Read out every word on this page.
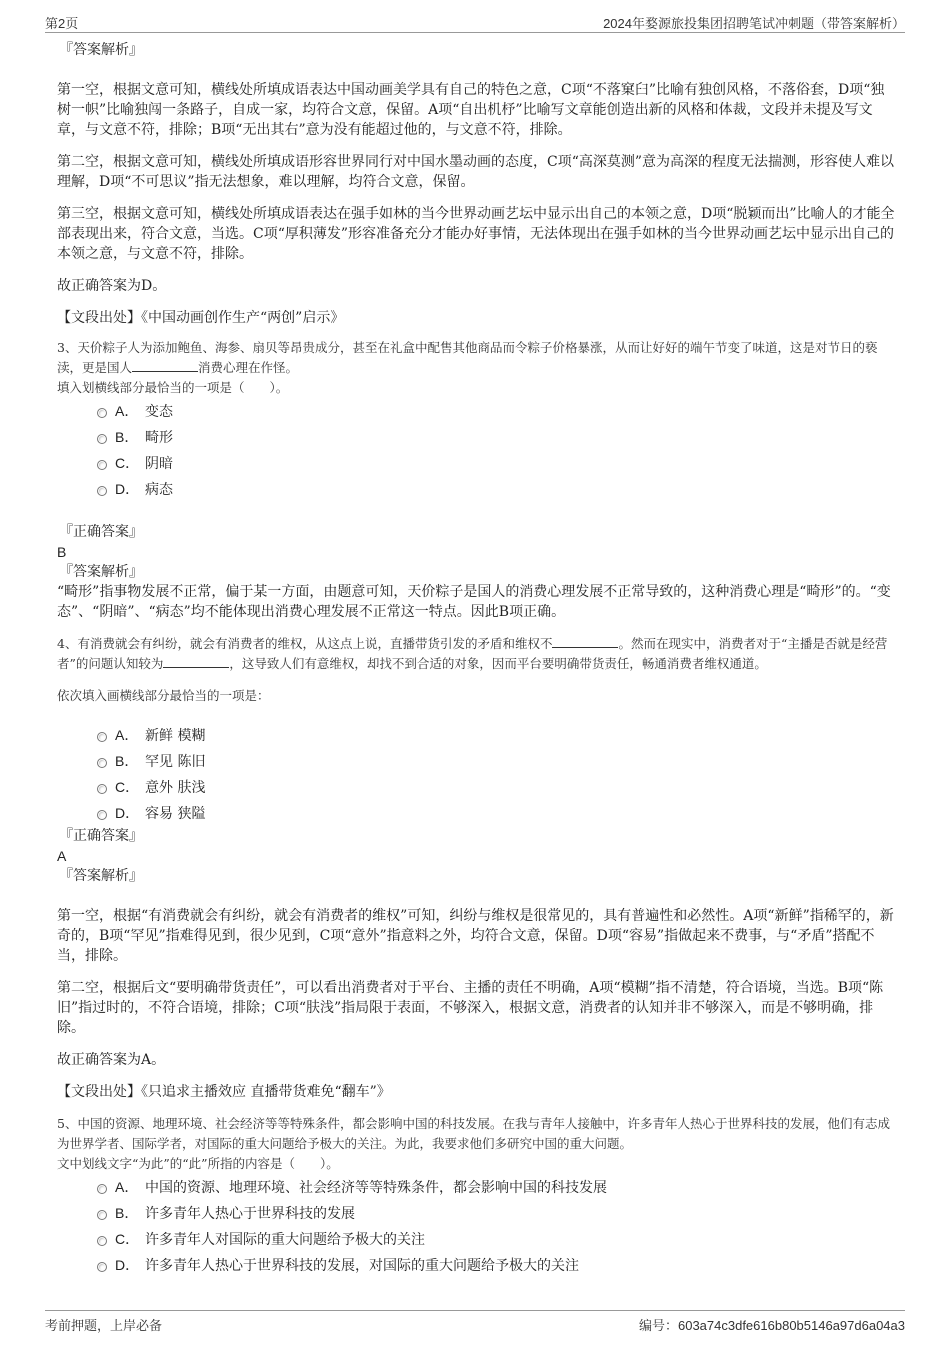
第2页	2024年婺源旅投集团招聘笔试冲刺题（带答案解析）

『答案解析』

第一空，根据文意可知，横线处所填成语表达中国动画美学具有自己的特色之意，C项“不落窠臼”比喻有独创风格，不落俗套，D项“独树一帜”比喻独闯一条路子，自成一家，均符合文意，保留。A项“自出机杼”比喻写文章能创造出新的风格和体裁，文段并未提及写文章，与文意不符，排除；B项“无出其右”意为没有能超过他的，与文意不符，排除。

第二空，根据文意可知，横线处所填成语形容世界同行对中国水墨动画的态度，C项“高深莫测”意为高深的程度无法揣测，形容使人难以理解，D项“不可思议”指无法想象，难以理解，均符合文意，保留。

第三空，根据文意可知，横线处所填成语表达在强手如林的当今世界动画艺坛中显示出自己的本领之意，D项“脱颖而出”比喻人的才能全部表现出来，符合文意，当选。C项“厚积薄发”形容准备充分才能办好事情，无法体现出在强手如林的当今世界动画艺坛中显示出自己的本领之意，与文意不符，排除。

故正确答案为D。

【文段出处】《中国动画创作生产“两创”启示》

3、天价粽子人为添加鲍鱼、海参、扇贝等昂贵成分，甚至在礼盒中配售其他商品而令粽子价格暴涨，从而让好好的端午节变了味道，这是对节日的亵渎，更是国人	消费心理在作怪。

填入划横线部分最恰当的一项是（　　）。

A． 变态
B． 畸形
C． 阴暗
D． 病态

『正确答案』

B

『答案解析』

“畸形”指事物发展不正常，偏于某一方面，由题意可知，天价粽子是国人的消费心理发展不正常导致的，这种消费心理是“畸形”的。“变态”、“阴暗”、“病态”均不能体现出消费心理发展不正常这一特点。因此B项正确。

4、有消费就会有纠纷，就会有消费者的维权，从这点上说，直播带货引发的矛盾和维权不	。然而在现实中，消费者对于“主播是否就是经营者”的问题认知较为	，这导致人们有意维权，却找不到合适的对象，因而平台要明确带货责任，畅通消费者维权通道。

依次填入画横线部分最恰当的一项是：

A． 新鲜 模糊
B． 罕见 陈旧
C． 意外 肤浅
D． 容易 狭隘

『正确答案』

A

『答案解析』

第一空，根据“有消费就会有纠纷，就会有消费者的维权”可知，纠纷与维权是很常见的，具有普遍性和必然性。A项“新鲜”指稀罕的，新奇的，B项“罕见”指难得见到，很少见到，C项“意外”指意料之外，均符合文意，保留。D项“容易”指做起来不费事，与“矛盾”搭配不当，排除。

第二空，根据后文“要明确带货责任”，可以看出消费者对于平台、主播的责任不明确，A项“模糊”指不清楚，符合语境，当选。B项“陈旧”指过时的，不符合语境，排除；C项“肤浅”指局限于表面，不够深入，根据文意，消费者的认知并非不够深入，而是不够明确，排除。

故正确答案为A。

【文段出处】《只追求主播效应 直播带货难免“翻车”》

5、中国的资源、地理环境、社会经济等等特殊条件，都会影响中国的科技发展。在我与青年人接触中，许多青年人热心于世界科技的发展，他们有志成为世界学者、国际学者，对国际的重大问题给予极大的关注。为此，我要求他们多研究中国的重大问题。

文中划线文字“为此”的“此”所指的内容是（　　）。

A． 中国的资源、地理环境、社会经济等等特殊条件，都会影响中国的科技发展
B． 许多青年人热心于世界科技的发展
C． 许多青年人对国际的重大问题给予极大的关注
D． 许多青年人热心于世界科技的发展，对国际的重大问题给予极大的关注
考前押题，上岸必备	编号：603a74c3dfe616b80b5146a97d6a04a3
